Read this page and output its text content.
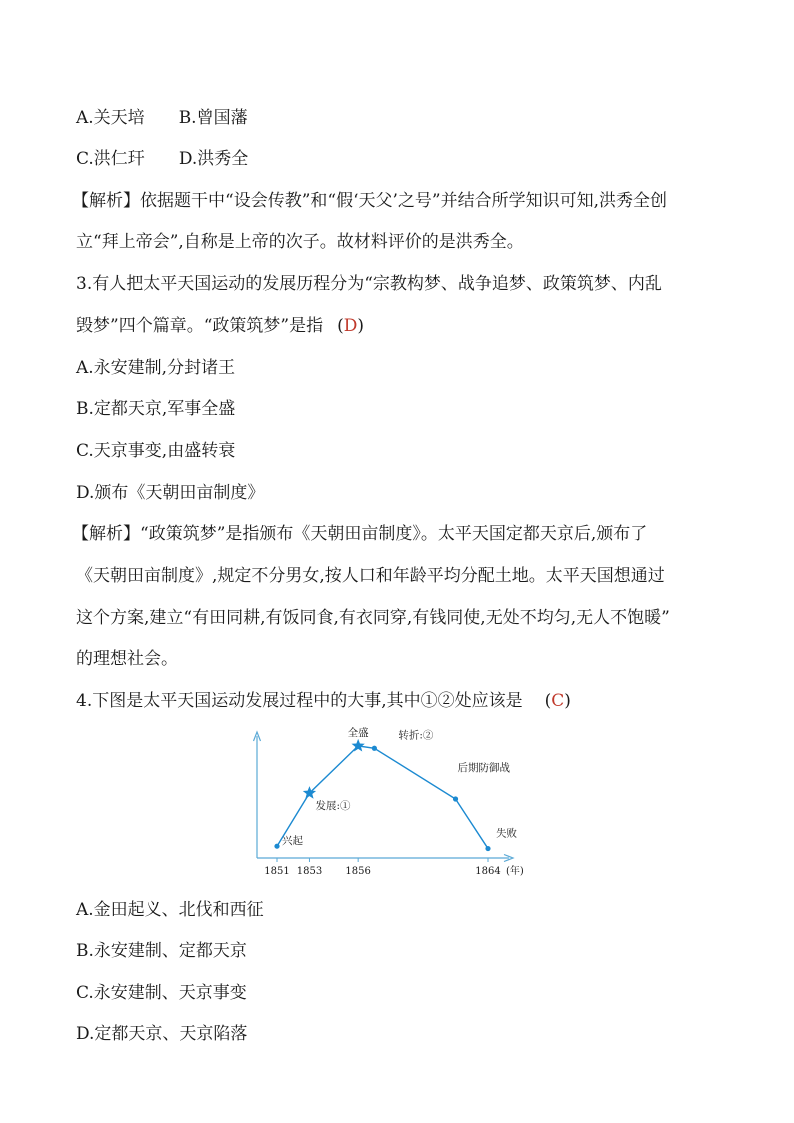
A.关天培 B.曾国藩
C.洪仁玕 D.洪秀全
【解析】依据题干中“设会传教”和“假‘天父’之号”并结合所学知识可知,洪秀全创
立“拜上帝会”,自称是上帝的次子。故材料评价的是洪秀全。
3.有人把太平天国运动的发展历程分为“宗教构梦、战争追梦、政策筑梦、内乱
毁梦”四个篇章。“政策筑梦”是指 (D)
A.永安建制,分封诸王
B.定都天京,军事全盛
C.天京事变,由盛转衰
D.颁布《天朝田亩制度》
【解析】“政策筑梦”是指颁布《天朝田亩制度》。太平天国定都天京后,颁布了
《天朝田亩制度》,规定不分男女,按人口和年龄平均分配土地。太平天国想通过
这个方案,建立“有田同耕,有饭同食,有衣同穿,有钱同使,无处不均匀,无人不饱暖”
的理想社会。
4.下图是太平天国运动发展过程中的大事,其中①②处应该是 (C)
兴起
发展:①
全盛	转折:②
后期防御战
失败
1851 1853 1856	1864 (年)
A.金田起义、北伐和西征
B.永安建制、定都天京
C.永安建制、天京事变
D.定都天京、天京陷落
